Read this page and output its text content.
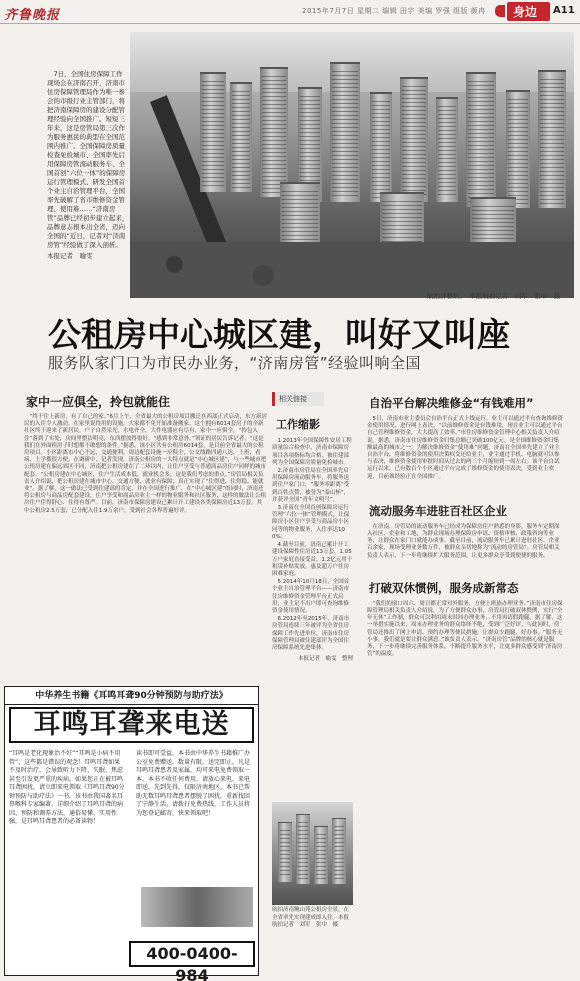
齐鲁晚报	2015年7月7日 星期二 编辑 田宇 美编 罗强 组版 颜冉 身边 A11

7日，全国住房保障工作现场会在济南召开，济南市住房保障管理局作为唯一参会的市级行业主管部门，将把济南保障房的建设分配管理经验向全国推广。短短三年来，这是房管局第三次作为服务惠民的典型在全国范围内推广。全国保障房质量检查免检城市、全国率先启用保障房管流动服务车、全国首创“六位一体”的保障房运行管理模式、研发全国首个业主自治管理平台，全国率先破解了省市维修资金管理、使用难……“济南房管”品牌已经初步建立起来，品牌意志根本出全省，迈向全国的“近日，记者对“济南房管”经验做了深入剖析。

本报记者　喻雯
航拍济雅居。　本报航拍记者　刘军　张中　摄
公租房中心城区建，叫好又叫座
服务队家门口为市民办业务，“济南房管”经验叫响全国
家中一应俱全，拎包就能住

“终于住上新房，有了自己的家。”6月上午，全省最大的公租房项目搬迁在西部正式启动，东方新居民的入住令人激动。在家里说得用的设施，大家都不免开始准备搬家。这个拥有6014套房子的全新社区终于迎来了新居民。户子自然采光，水电齐全，大件电器应有尽有，家中一应俱全，“拎包入住”落到了实处，房间里整洁明亮，东西摆放得很好。“感到非常意外。”领证的居民告诉记者，“这是我们在外面租房子时想都不敢想的条件。”据悉，该小区共有公租房6014套，是目前全省最大的公租房项目。小区距离市中心不远，交通便利，周边配套设施一应俱全，公交线路四通八达，上班、看病、上学都很方便。在调研中，记者发现，济南公租房的一大特点就是“中心城区建”，与一些城市把公租房建在偏远郊区不同，济南把公租房建在了二环以内，让住户享受与普通商品房住户同样的城市配套。“公租房建在中心城区，住户生活成本低，就业机会多，这是我们考虑的重点。”房管局相关负责人介绍说，把公租房建在城市中心，交通方便、就业有保障，真正实现了“住得进、住得稳、能就业”。据了解，这一做法已受到住建部的肯定，并在全国进行推广。在“中心城区建”的同时，济南还将公租房与商品房配套建设，住户享受和商品房业主一样的物业服务和社区服务，这样的做法让公租房住户住得舒心、住得有尊严。目前，济南市保障房建设已累计开工建设各类保障房近13万套，其中公租房2.5万套，已分配入住1.9万余户，受到社会各界普遍好评。

相关链接
工作缩影

1.2013年全国保障性安居工程质量综合检查中，济南市保障房项目各项指标均合格，被住建部列为全国保障房质量免检城市。

2.济南市房管局在全国率先启用保障房流动服务车，将服务送到住户家门口，“服务零距离”受到百姓点赞，被誉为“泰山杯”，并获评全国“青年文明号”。

3.济南在全国首创保障房运行管理“六位一体”管理模式，让保障房小区住户享受与商品房小区同等的物业服务，入住率达100%。

4.截至目前，济南已累计开工建设保障性住房近13万套，1.05万户家庭直接受益，1.2亿元用于租赁补贴发放，惠及超万户住房困难家庭。

5.2014年10月18日，全国首个业主自治管理平台——济南市住房维修资金管理平台正式启用，业主足不出户即可查询维修资金使用情况。

6.2012年至2015年，济南市房管局连续三年被评为全省住房保障工作先进单位，济南市住房保障管理局被住建部评为全国住房保障系统先进集体。

本报记者　喻雯　整理

航拍济南鲍山苑公租房全景，在全省率先实现建成即入住。本报航拍记者　刘军　张中　摄
自治平台解决维修金“有钱难用”

5日，济南市业主委员会自治平台正式上线运行，业主可以通过平台查询维修资金使用情况、进行网上表决。“以前维修资金是有钱难用，现在业主可以通过平台自己管理维修资金，大大提高了效率。”市住房维修资金管理中心相关负责人介绍说。据悉，济南市住房维修资金归集总额已突破100亿元，是全国维修资金归集额最高的城市之一。为解决维修资金“使用难”问题，济南在全国率先建立了业主自治平台，将维修资金的使用决策权交还给业主，业主通过手机、电脑就可以参与表决，维修资金使用审批时间从过去的两三个月缩短到一周左右。该平台自试运行以来，已有数百个小区通过平台完成了维修资金的使用表决，受到业主欢迎，目前该经验正在全国推广。

流动服务车进驻百社区企业

在济南，房管局的流动服务车已经成为保障房住户熟悉的身影。服务车定期深入社区、企业和工地，为群众现场办理保障房申请、资格审核、政策咨询等业务，让群众在家门口就能办成事。截至目前，流动服务车已累计进驻社区、企业百余家，现场受理业务数万件，被群众亲切地称为“流动的房管局”。房管局相关负责人表示，下一步将继续扩大服务范围，让更多群众享受到便捷的服务。

打破双休惯例，服务成新常态

“我们的窗口周六、周日都正常对外服务，方便上班族办理业务。”济南市住房保障管理局相关负责人介绍说，为了方便群众办事，房管局打破双休惯例，实行“全年无休”工作制，群众可以利用周末时间办理业务，不用再请假跑腿。据了解，这一举措实施以来，周末办理业务的群众络绎不绝，受到广泛好评。与此同时，房管局还推出了网上申请、预约办理等便民措施，让群众少跑腿、好办事。“服务无小事，我们就是要让群众满意。”该负责人表示，“济南房管”品牌的核心就是服务，下一步将继续完善服务体系，不断提升服务水平，让更多群众感受到“济南房管”的温度。

中华养生书籍《耳鸣耳聋90分钟预防与助疗法》
耳鸣耳聋来电送
“耳鸣是老化现象治不好”“耳鸣是小病不用管”，这些都是错误的观念！耳鸣耳聋如果不及时治疗，会导致听力下降、失眠、焦虑甚至引发更严重的疾病。如果您正在被耳鸣耳聋困扰，请立即来电领取《耳鸣耳聋90分钟预防与助疗法》一书。该书由我国著名耳鼻喉科专家编著，详细介绍了耳鸣耳聋的病因、预防和调养方法，通俗易懂、实用性强，是耳鸣耳聋患者的必备读物！
读书即可受益，本书由中华养生书籍推广办公室免费赠送，数量有限，送完即止。凡是耳鸣耳聋患者及家属，均可来电免费领取一本。本书不收任何费用，请放心来电。来电即送，先到先得，仅限济南地区。本书已帮助无数耳鸣耳聋患者摆脱了困扰，重新找回了宁静生活。请拨打免费热线，工作人员将为您登记邮寄，快来领取吧！
400-0400-984
